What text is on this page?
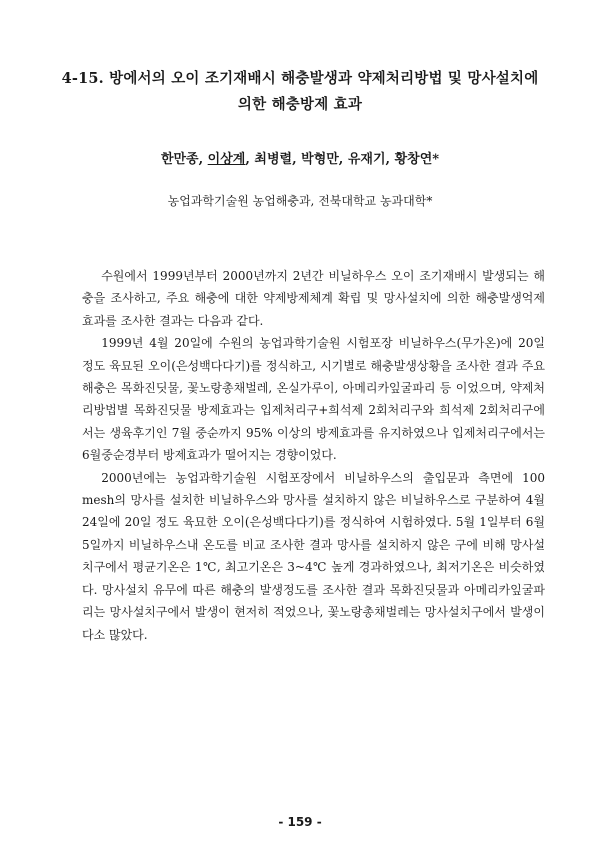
4-15. 방에서의 오이 조기재배시 해충발생과 약제처리방법 및 망사설치에
의한 해충방제 효과
한만종, 이상계, 최병렬, 박형만, 유재기, 황창연*
농업과학기술원 농업해충과, 전북대학교 농과대학*

수원에서 1999년부터 2000년까지 2년간 비닐하우스 오이 조기재배시 발생되는 해충을 조사하고, 주요 해충에 대한 약제방제체계 확립 및 망사설치에 의한 해충발생억제 효과를 조사한 결과는 다음과 같다.

1999년 4월 20일에 수원의 농업과학기술원 시험포장 비닐하우스(무가온)에 20일 정도 육묘된 오이(은성백다다기)를 정식하고, 시기별로 해충발생상황을 조사한 결과 주요 해충은 목화진딧물, 꽃노랑총채벌레, 온실가루이, 아메리카잎굴파리 등 이었으며, 약제처리방법별 목화진딧물 방제효과는 입제처리구+희석제 2회처리구와 희석제 2회처리구에서는 생육후기인 7월 중순까지 95% 이상의 방제효과를 유지하였으나 입제처리구에서는 6월중순경부터 방제효과가 떨어지는 경향이었다.

2000년에는 농업과학기술원 시험포장에서 비닐하우스의 출입문과 측면에 100 mesh의 망사를 설치한 비닐하우스와 망사를 설치하지 않은 비닐하우스로 구분하여 4월 24일에 20일 정도 육묘한 오이(은성백다다기)를 정식하여 시험하였다. 5월 1일부터 6월 5일까지 비닐하우스내 온도를 비교 조사한 결과 망사를 설치하지 않은 구에 비해 망사설치구에서 평균기온은 1℃, 최고기온은 3~4℃ 높게 경과하였으나, 최저기온은 비슷하였다. 망사설치 유무에 따른 해충의 발생정도를 조사한 결과 목화진딧물과 아메리카잎굴파리는 망사설치구에서 발생이 현저히 적었으나, 꽃노랑총채벌레는 망사설치구에서 발생이 다소 많았다.

- 159 -
